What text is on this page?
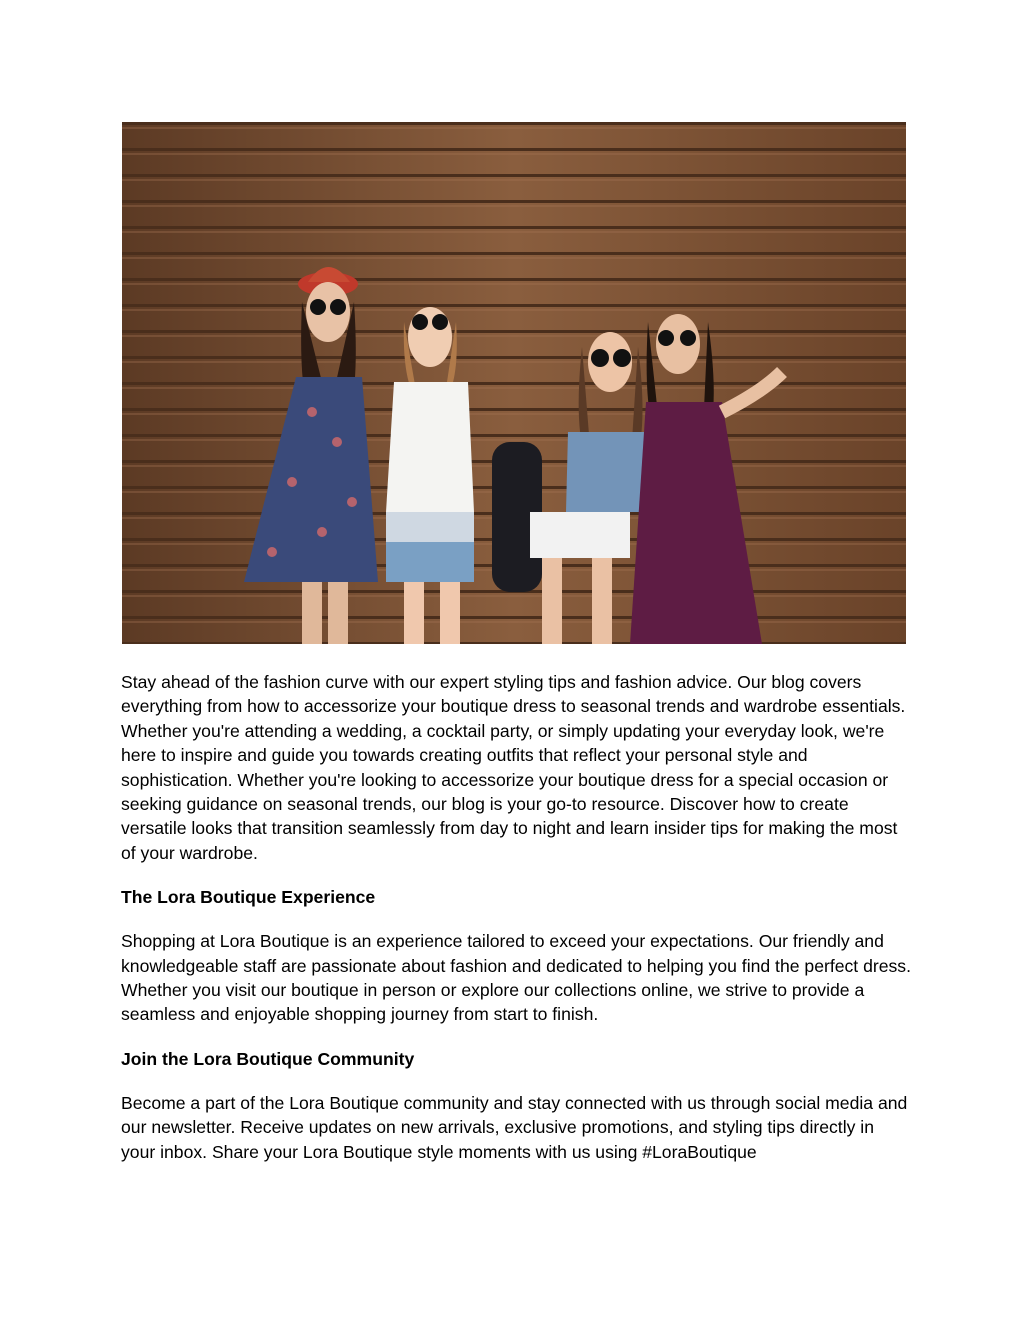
Stay ahead of the fashion curve with our expert styling tips and fashion advice. Our blog covers everything from how to accessorize your boutique dress to seasonal trends and wardrobe essentials. Whether you're attending a wedding, a cocktail party, or simply updating your everyday look, we're here to inspire and guide you towards creating outfits that reflect your personal style and sophistication. Whether you're looking to accessorize your boutique dress for a special occasion or seeking guidance on seasonal trends, our blog is your go-to resource. Discover how to create versatile looks that transition seamlessly from day to night and learn insider tips for making the most of your wardrobe.

The Lora Boutique Experience

Shopping at Lora Boutique is an experience tailored to exceed your expectations. Our friendly and knowledgeable staff are passionate about fashion and dedicated to helping you find the perfect dress. Whether you visit our boutique in person or explore our collections online, we strive to provide a seamless and enjoyable shopping journey from start to finish.

Join the Lora Boutique Community

Become a part of the Lora Boutique community and stay connected with us through social media and our newsletter. Receive updates on new arrivals, exclusive promotions, and styling tips directly in your inbox. Share your Lora Boutique style moments with us using #LoraBoutique
